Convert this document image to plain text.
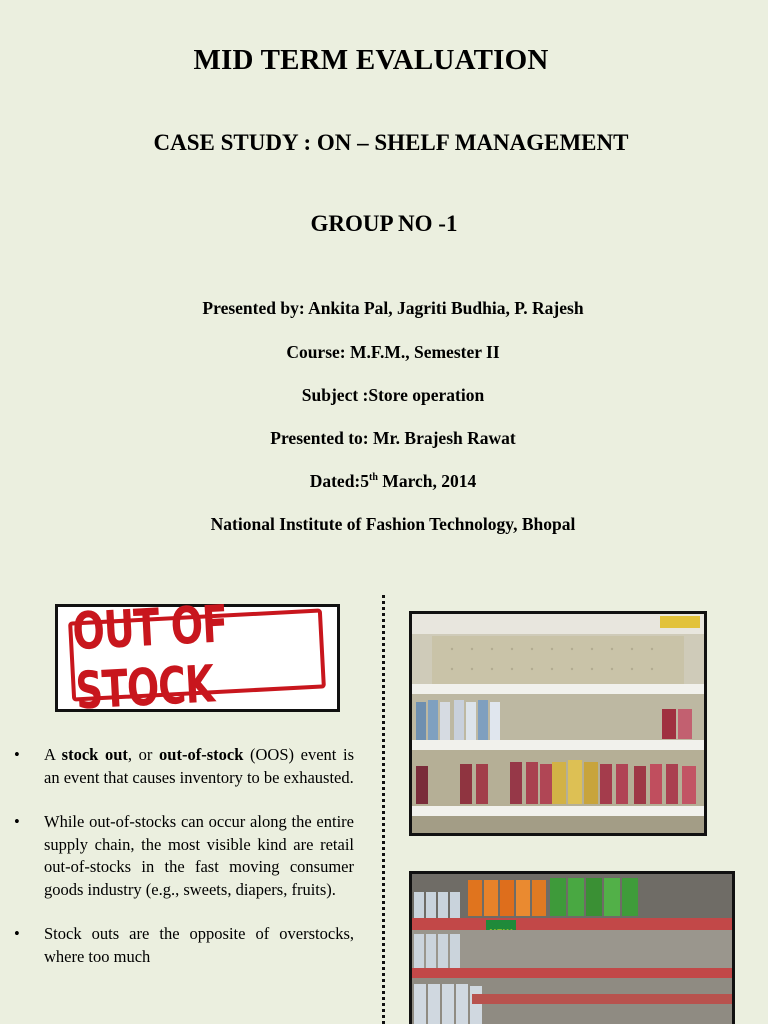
MID TERM EVALUATION
CASE STUDY : ON – SHELF MANAGEMENT
GROUP NO -1
Presented by: Ankita Pal, Jagriti Budhia, P. Rajesh
Course: M.F.M., Semester II
Subject :Store operation
Presented to: Mr. Brajesh Rawat
Dated:5th March, 2014
National Institute of Fashion Technology, Bhopal
OUT OF STOCK
• A stock out, or out-of-stock (OOS) event is an event that causes inventory to be exhausted.
• While out-of-stocks can occur along the entire supply chain, the most visible kind are retail out-of-stocks in the fast moving consumer goods industry (e.g., sweets, diapers, fruits).
• Stock outs are the opposite of overstocks, where too much
